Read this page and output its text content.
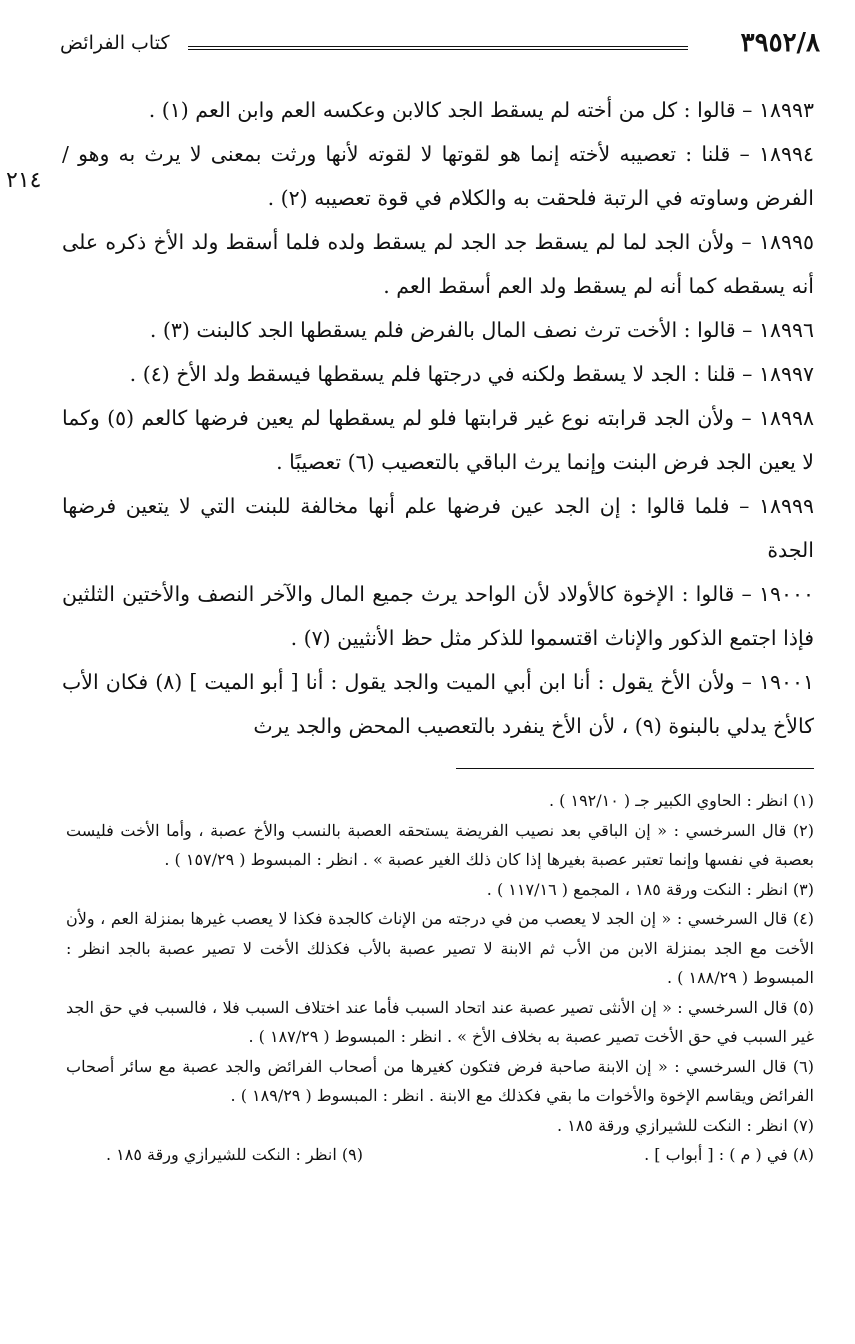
٣٩٥٢/٨
كتاب الفرائض
٢١٤

١٨٩٩٣ – قالوا : كل من أخته لم يسقط الجد كالابن وعكسه العم وابن العم (١) .

١٨٩٩٤ – قلنا : تعصيبه لأخته إنما هو لقوتها لا لقوته لأنها ورثت بمعنى لا يرث به وهو / الفرض وساوته في الرتبة فلحقت به والكلام في قوة تعصيبه (٢) .

١٨٩٩٥ – ولأن الجد لما لم يسقط جد الجد لم يسقط ولده فلما أسقط ولد الأخ ذكره على أنه يسقطه كما أنه لم يسقط ولد العم أسقط العم .

١٨٩٩٦ – قالوا : الأخت ترث نصف المال بالفرض فلم يسقطها الجد كالبنت (٣) .

١٨٩٩٧ – قلنا : الجد لا يسقط ولكنه في درجتها فلم يسقطها فيسقط ولد الأخ (٤) .

١٨٩٩٨ – ولأن الجد قرابته نوع غير قرابتها فلو لم يسقطها لم يعين فرضها كالعم (٥) وكما لا يعين الجد فرض البنت وإنما يرث الباقي بالتعصيب (٦) تعصيبًا .

١٨٩٩٩ – فلما قالوا : إن الجد عين فرضها علم أنها مخالفة للبنت التي لا يتعين فرضها الجدة

١٩٠٠٠ – قالوا : الإخوة كالأولاد لأن الواحد يرث جميع المال والآخر النصف والأختين الثلثين فإذا اجتمع الذكور والإناث اقتسموا للذكر مثل حظ الأنثيين (٧) .

١٩٠٠١ – ولأن الأخ يقول : أنا ابن أبي الميت والجد يقول : أنا [ أبو الميت ] (٨) فكان الأب كالأخ يدلي بالبنوة (٩) ، لأن الأخ ينفرد بالتعصيب المحض والجد يرث

(١) انظر : الحاوي الكبير جـ ( ١٩٢/١٠ ) .

(٢) قال السرخسي : « إن الباقي بعد نصيب الفريضة يستحقه العصبة بالنسب والأخ عصبة ، وأما الأخت فليست بعصبة في نفسها وإنما تعتبر عصبة بغيرها إذا كان ذلك الغير عصبة » . انظر : المبسوط ( ١٥٧/٢٩ ) .

(٣) انظر : النكت ورقة ١٨٥ ، المجمع ( ١١٧/١٦ ) .

(٤) قال السرخسي : « إن الجد لا يعصب من في درجته من الإناث كالجدة فكذا لا يعصب غيرها بمنزلة العم ، ولأن الأخت مع الجد بمنزلة الابن من الأب ثم الابنة لا تصير عصبة بالأب فكذلك الأخت لا تصير عصبة بالجد انظر : المبسوط ( ١٨٨/٢٩ ) .

(٥) قال السرخسي : « إن الأنثى تصير عصبة عند اتحاد السبب فأما عند اختلاف السبب فلا ، فالسبب في حق الجد غير السبب في حق الأخت تصير عصبة به بخلاف الأخ » . انظر : المبسوط ( ١٨٧/٢٩ ) .

(٦) قال السرخسي : « إن الابنة صاحبة فرض فتكون كغيرها من أصحاب الفرائض والجد عصبة مع سائر أصحاب الفرائض ويقاسم الإخوة والأخوات ما بقي فكذلك مع الابنة . انظر : المبسوط ( ١٨٩/٢٩ ) .

(٧) انظر : النكت للشيرازي ورقة ١٨٥ .

(٨) في ( م ) : [ أبواب ] .
(٩) انظر : النكت للشيرازي ورقة ١٨٥ .
